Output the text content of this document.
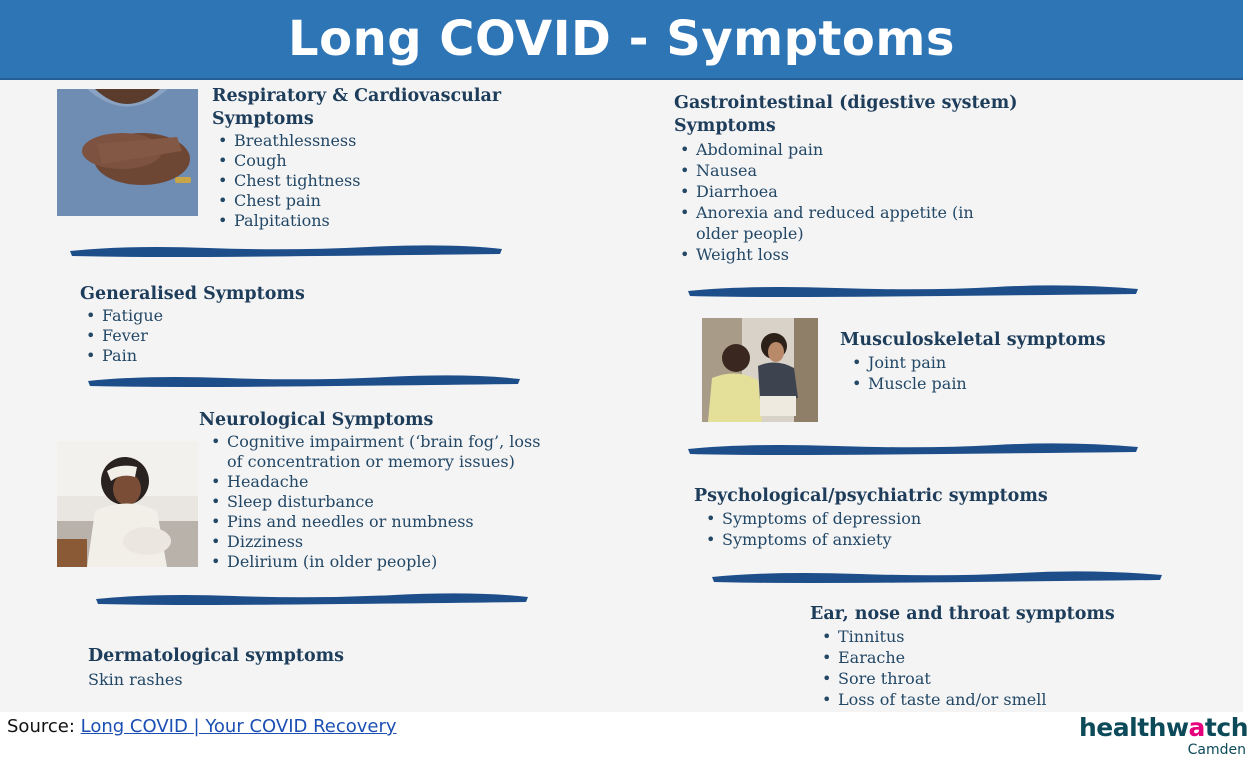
Long COVID - Symptoms
Respiratory & Cardiovascular
Symptoms
• Breathlessness
• Cough
• Chest tightness
• Chest pain
• Palpitations
Generalised Symptoms
• Fatigue
• Fever
• Pain
Neurological Symptoms
• Cognitive impairment (‘brain fog’, loss
of concentration or memory issues)
• Headache
• Sleep disturbance
• Pins and needles or numbness
• Dizziness
• Delirium (in older people)
Dermatological symptoms

Skin rashes

Gastrointestinal (digestive system)
Symptoms
• Abdominal pain
• Nausea
• Diarrhoea
• Anorexia and reduced appetite (in
older people)
• Weight loss
Musculoskeletal symptoms
• Joint pain
• Muscle pain
Psychological/psychiatric symptoms
• Symptoms of depression
• Symptoms of anxiety
Ear, nose and throat symptoms
• Tinnitus
• Earache
• Sore throat
• Loss of taste and/or smell
Source: Long COVID | Your COVID Recovery	healthwatch
Camden
